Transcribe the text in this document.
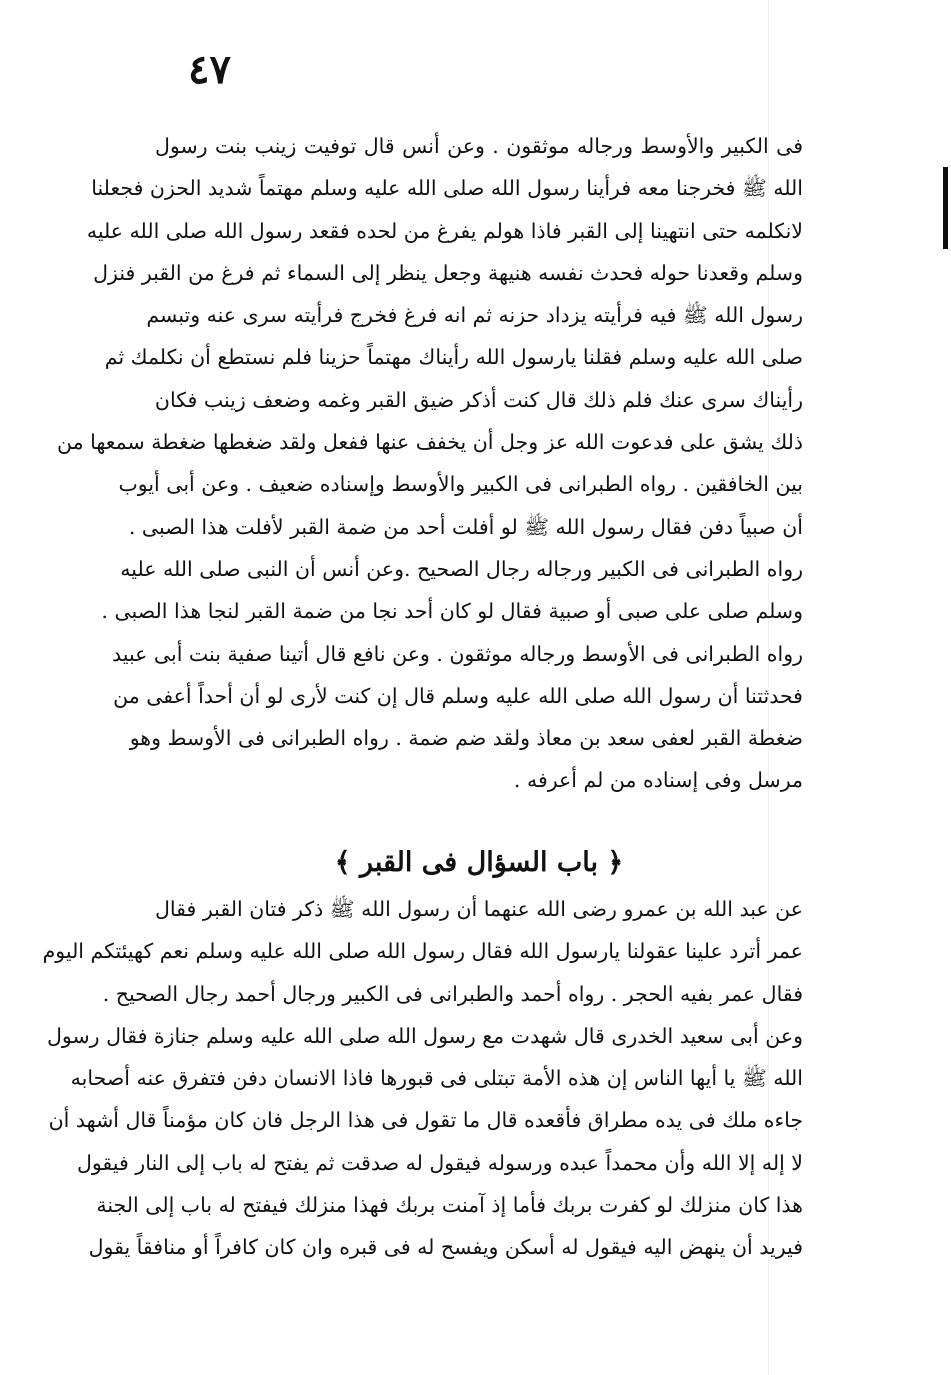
٤٧
فى الكبير والأوسط ورجاله موثقون . وعن أنس قال توفيت زينب بنت رسول
الله ﷺ فخرجنا معه فرأينا رسول الله صلى الله عليه وسلم مهتماً شديد الحزن فجعلنا
لانكلمه حتى انتهينا إلى القبر فاذا هولم يفرغ من لحده فقعد رسول الله صلى الله عليه
وسلم وقعدنا حوله فحدث نفسه هنيهة وجعل ينظر إلى السماء ثم فرغ من القبر فنزل
رسول الله ﷺ فيه فرأيته يزداد حزنه ثم انه فرغ فخرج فرأيته سرى عنه وتبسم
صلى الله عليه وسلم فقلنا يارسول الله رأيناك مهتماً حزينا فلم نستطع أن نكلمك ثم
رأيناك سرى عنك فلم ذلك قال كنت أذكر ضيق القبر وغمه وضعف زينب فكان
ذلك يشق على فدعوت الله عز وجل أن يخفف عنها ففعل ولقد ضغطها ضغطة سمعها من
بين الخافقين . رواه الطبرانى فى الكبير والأوسط وإسناده ضعيف . وعن أبى أيوب
أن صبياً دفن فقال رسول الله ﷺ لو أفلت أحد من ضمة القبر لأفلت هذا الصبى .
رواه الطبرانى فى الكبير ورجاله رجال الصحيح .وعن أنس أن النبى صلى الله عليه
وسلم صلى على صبى أو صبية فقال لو كان أحد نجا من ضمة القبر لنجا هذا الصبى .
رواه الطبرانى فى الأوسط ورجاله موثقون . وعن نافع قال أتينا صفية بنت أبى عبيد
فحدثتنا أن رسول الله صلى الله عليه وسلم قال إن كنت لأرى لو أن أحداً أعفى من
ضغطة القبر لعفى سعد بن معاذ ولقد ضم ضمة . رواه الطبرانى فى الأوسط وهو
مرسل وفى إسناده من لم أعرفه .
﴿ باب السؤال فى القبر ﴾
عن عبد الله بن عمرو رضى الله عنهما أن رسول الله ﷺ ذكر فتان القبر فقال
عمر أترد علينا عقولنا يارسول الله فقال رسول الله صلى الله عليه وسلم نعم كهيئتكم اليوم
فقال عمر بفيه الحجر . رواه أحمد والطبرانى فى الكبير ورجال أحمد رجال الصحيح .
وعن أبى سعيد الخدرى قال شهدت مع رسول الله صلى الله عليه وسلم جنازة فقال رسول
الله ﷺ يا أيها الناس إن هذه الأمة تبتلى فى قبورها فاذا الانسان دفن فتفرق عنه أصحابه
جاءه ملك فى يده مطراق فأقعده قال ما تقول فى هذا الرجل فان كان مؤمناً قال أشهد أن
لا إله إلا الله وأن محمداً عبده ورسوله فيقول له صدقت ثم يفتح له باب إلى النار فيقول
هذا كان منزلك لو كفرت بربك فأما إذ آمنت بربك فهذا منزلك فيفتح له باب إلى الجنة
فيريد أن ينهض اليه فيقول له أسكن ويفسح له فى قبره وان كان كافراً أو منافقاً يقول
